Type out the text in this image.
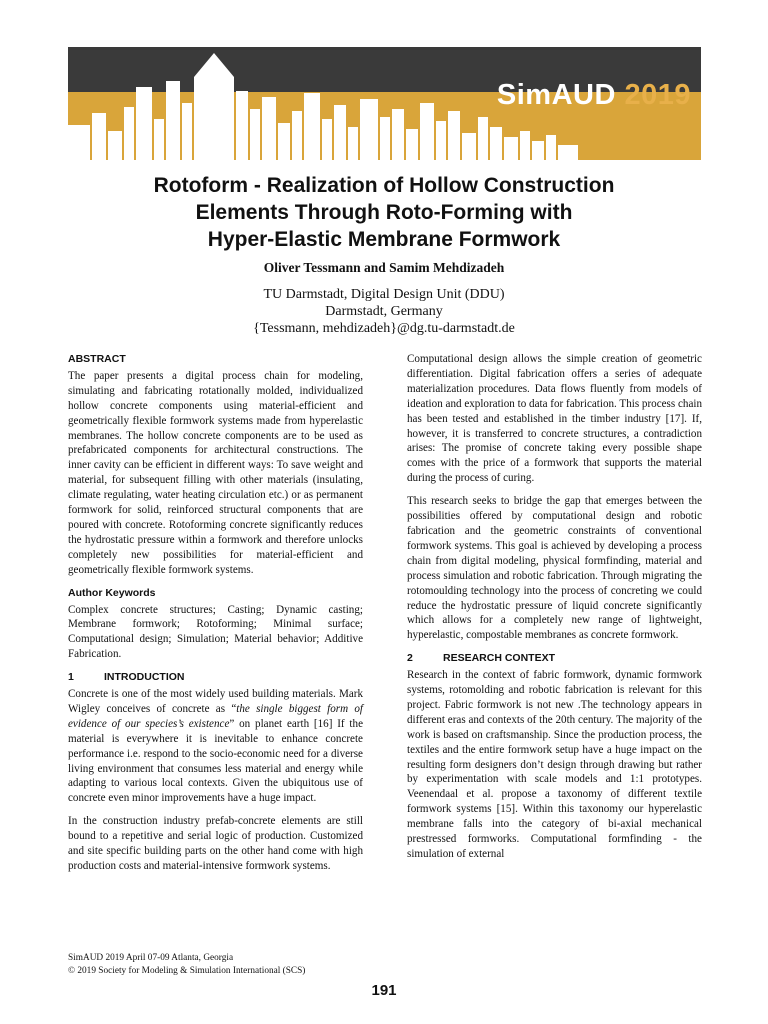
SimAUD 2019
Rotoform - Realization of Hollow Construction
Elements Through Roto-Forming with
Hyper-Elastic Membrane Formwork
Oliver Tessmann and Samim Mehdizadeh
TU Darmstadt, Digital Design Unit (DDU)
Darmstadt, Germany
{Tessmann, mehdizadeh}@dg.tu-darmstadt.de
ABSTRACT

The paper presents a digital process chain for modeling, simulating and fabricating rotationally molded, individualized hollow concrete components using material-efficient and geometrically flexible formwork systems made from hyperelastic membranes. The hollow concrete components are to be used as prefabricated components for architectural constructions. The inner cavity can be efficient in different ways: To save weight and material, for subsequent filling with other materials (insulating, climate regulating, water heating circulation etc.) or as permanent formwork for solid, reinforced structural components that are poured with concrete. Rotoforming concrete significantly reduces the hydrostatic pressure within a formwork and therefore unlocks completely new possibilities for material-efficient and geometrically flexible formwork systems.

Author Keywords

Complex concrete structures; Casting; Dynamic casting; Membrane formwork; Rotoforming; Minimal surface; Computational design; Simulation; Material behavior; Additive Fabrication.

1	INTRODUCTION

Concrete is one of the most widely used building materials. Mark Wigley conceives of concrete as “the single biggest form of evidence of our species’s existence” on planet earth [16] If the material is everywhere it is inevitable to enhance concrete performance i.e. respond to the socio-economic need for a diverse living environment that consumes less material and energy while adapting to various local contexts. Given the ubiquitous use of concrete even minor improvements have a huge impact.

In the construction industry prefab-concrete elements are still bound to a repetitive and serial logic of production. Customized and site specific building parts on the other hand come with high production costs and material-intensive formwork systems.

Computational design allows the simple creation of geometric differentiation. Digital fabrication offers a series of adequate materialization procedures. Data flows fluently from models of ideation and exploration to data for fabrication. This process chain has been tested and established in the timber industry [17]. If, however, it is transferred to concrete structures, a contradiction arises: The promise of concrete taking every possible shape comes with the price of a formwork that supports the material during the process of curing.

This research seeks to bridge the gap that emerges between the possibilities offered by computational design and robotic fabrication and the geometric constraints of conventional formwork systems. This goal is achieved by developing a process chain from digital modeling, physical formfinding, material and process simulation and robotic fabrication. Through migrating the rotomoulding technology into the process of concreting we could reduce the hydrostatic pressure of liquid concrete significantly which allows for a completely new range of lightweight, hyperelastic, compostable membranes as concrete formwork.

2	RESEARCH CONTEXT

Research in the context of fabric formwork, dynamic formwork systems, rotomolding and robotic fabrication is relevant for this project. Fabric formwork is not new .The technology appears in different eras and contexts of the 20th century. The majority of the work is based on craftsmanship. Since the production process, the textiles and the entire formwork setup have a huge impact on the resulting form designers don’t design through drawing but rather by experimentation with scale models and 1:1 prototypes. Veenendaal et al. propose a taxonomy of different textile formwork systems [15]. Within this taxonomy our hyperelastic membrane falls into the category of bi-axial mechanical prestressed formworks. Computational formfinding - the simulation of external

SimAUD 2019 April 07-09 Atlanta, Georgia
© 2019 Society for Modeling & Simulation International (SCS)
191
